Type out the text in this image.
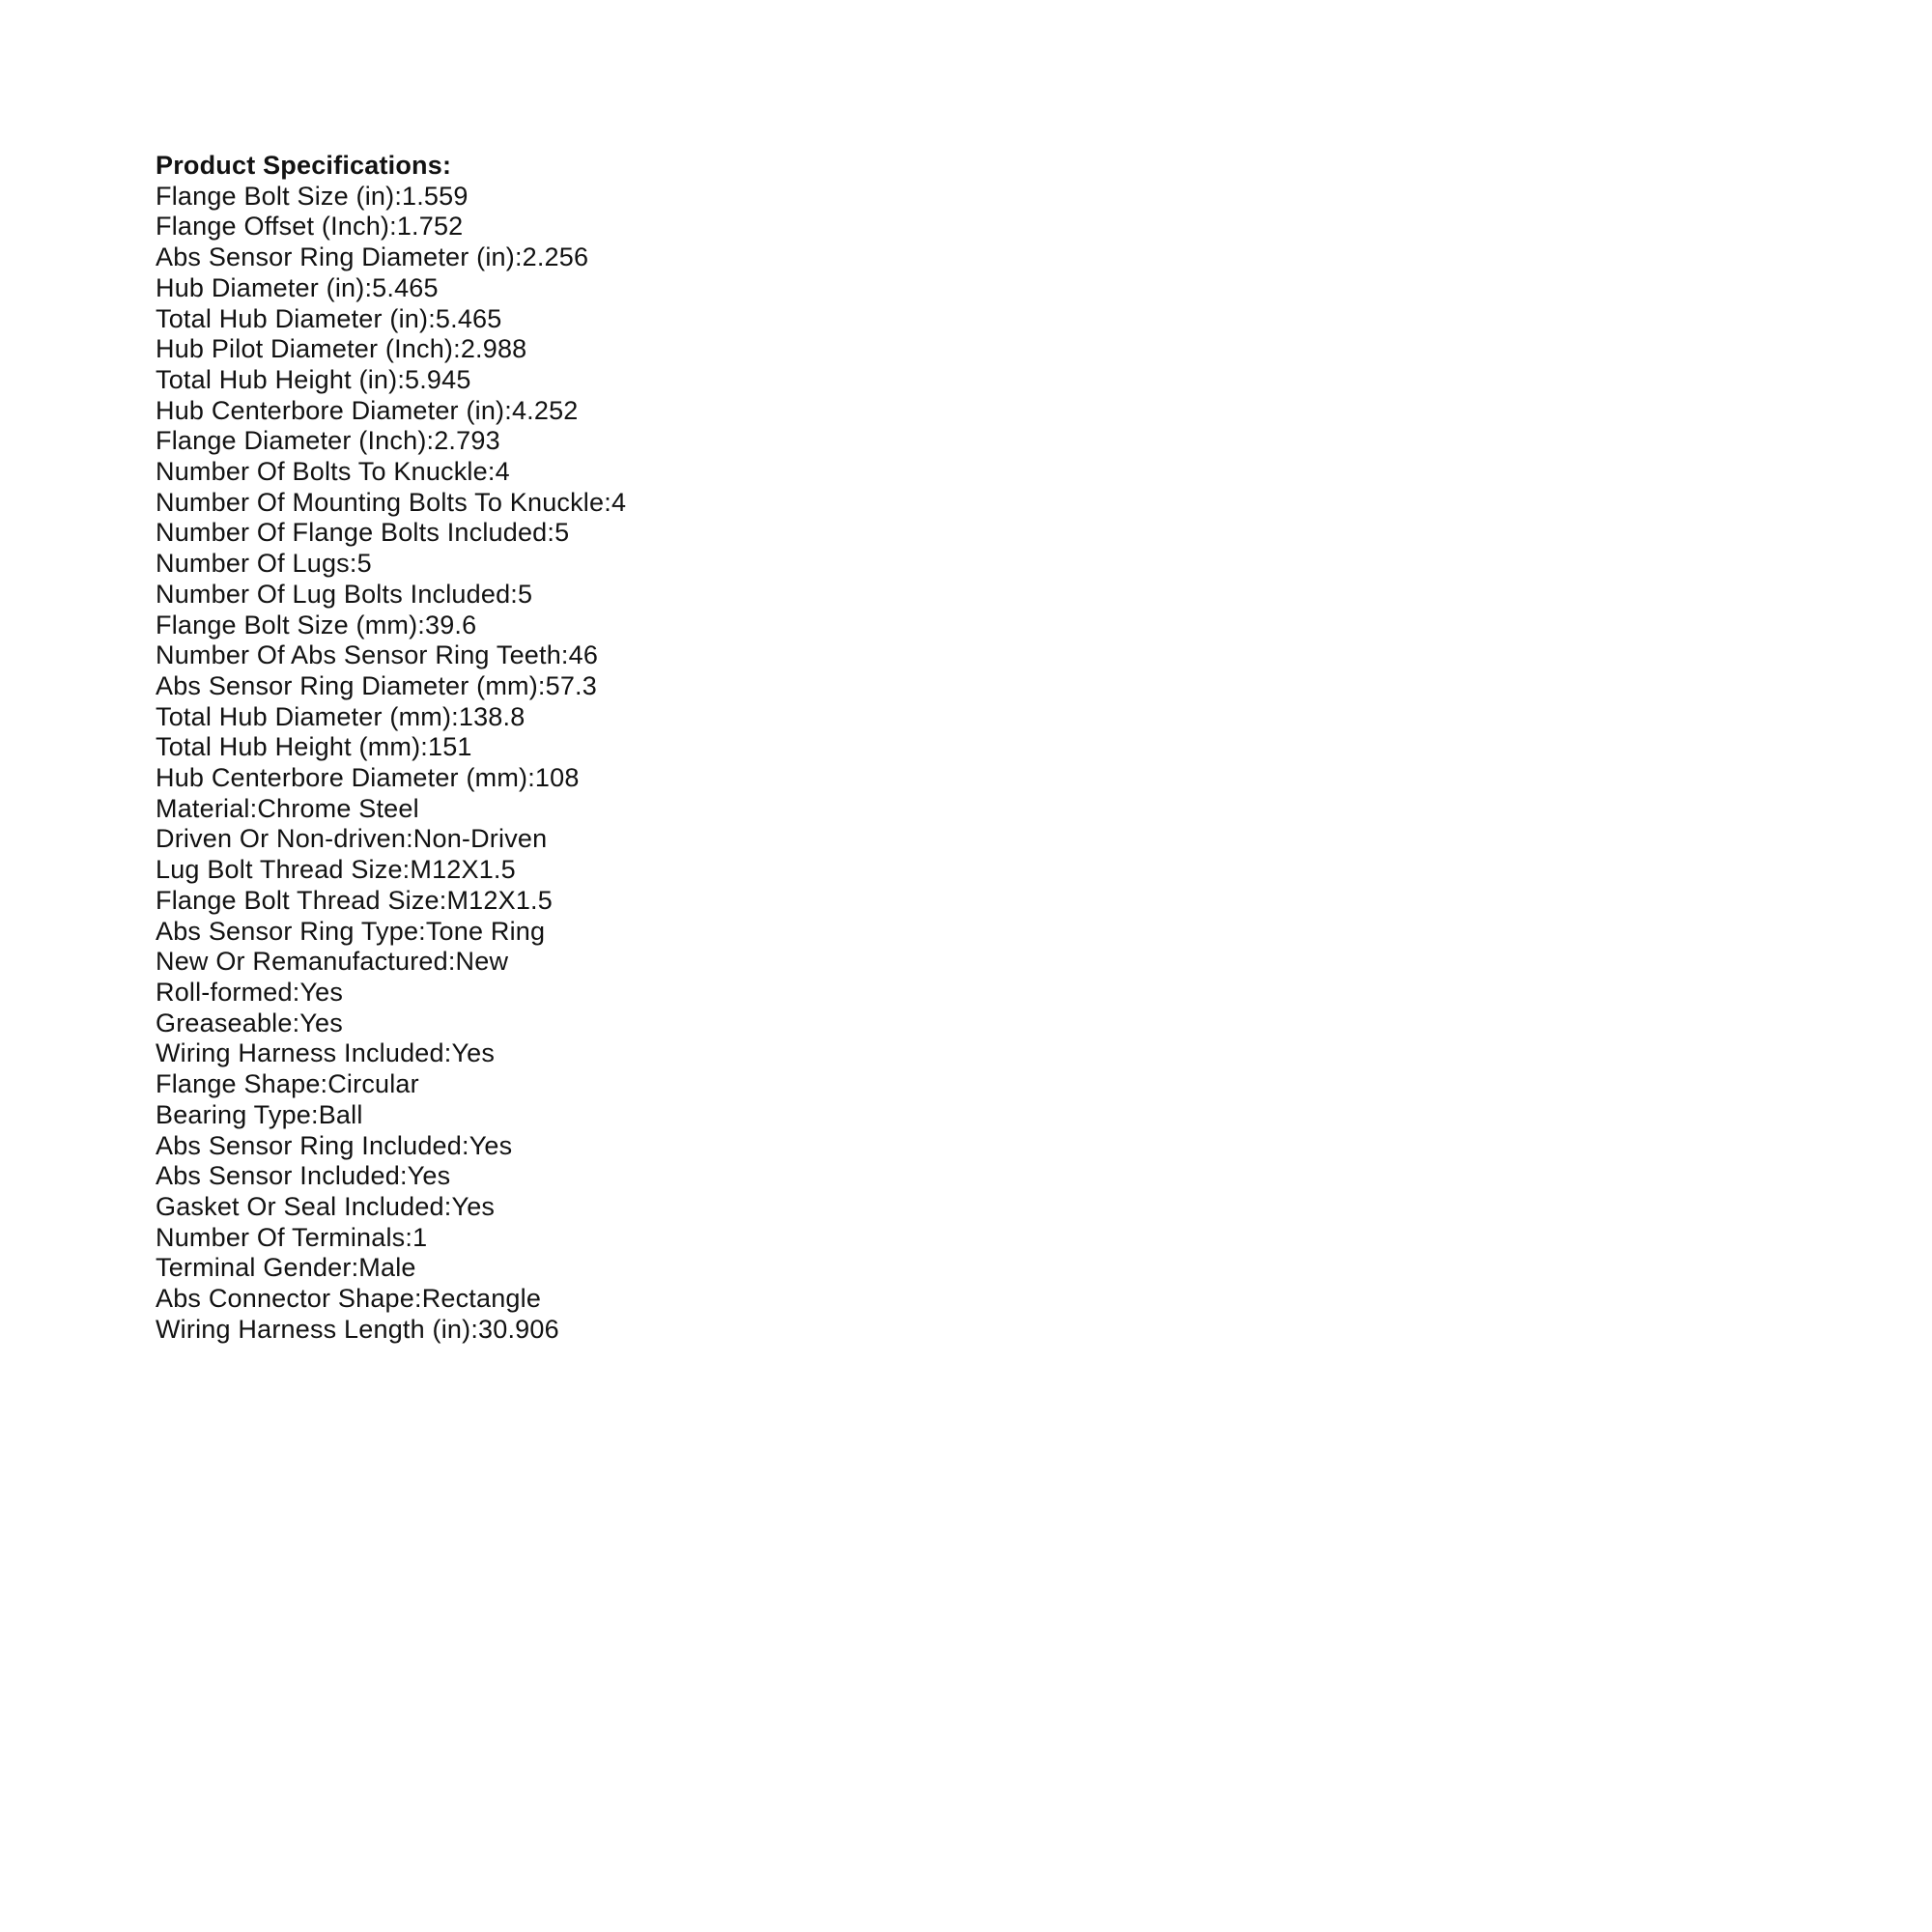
Product Specifications:
Flange Bolt Size (in):1.559
Flange Offset (Inch):1.752
Abs Sensor Ring Diameter (in):2.256
Hub Diameter (in):5.465
Total Hub Diameter (in):5.465
Hub Pilot Diameter (Inch):2.988
Total Hub Height (in):5.945
Hub Centerbore Diameter (in):4.252
Flange Diameter (Inch):2.793
Number Of Bolts To Knuckle:4
Number Of Mounting Bolts To Knuckle:4
Number Of Flange Bolts Included:5
Number Of Lugs:5
Number Of Lug Bolts Included:5
Flange Bolt Size (mm):39.6
Number Of Abs Sensor Ring Teeth:46
Abs Sensor Ring Diameter (mm):57.3
Total Hub Diameter (mm):138.8
Total Hub Height (mm):151
Hub Centerbore Diameter (mm):108
Material:Chrome Steel
Driven Or Non-driven:Non-Driven
Lug Bolt Thread Size:M12X1.5
Flange Bolt Thread Size:M12X1.5
Abs Sensor Ring Type:Tone Ring
New Or Remanufactured:New
Roll-formed:Yes
Greaseable:Yes
Wiring Harness Included:Yes
Flange Shape:Circular
Bearing Type:Ball
Abs Sensor Ring Included:Yes
Abs Sensor Included:Yes
Gasket Or Seal Included:Yes
Number Of Terminals:1
Terminal Gender:Male
Abs Connector Shape:Rectangle
Wiring Harness Length (in):30.906
